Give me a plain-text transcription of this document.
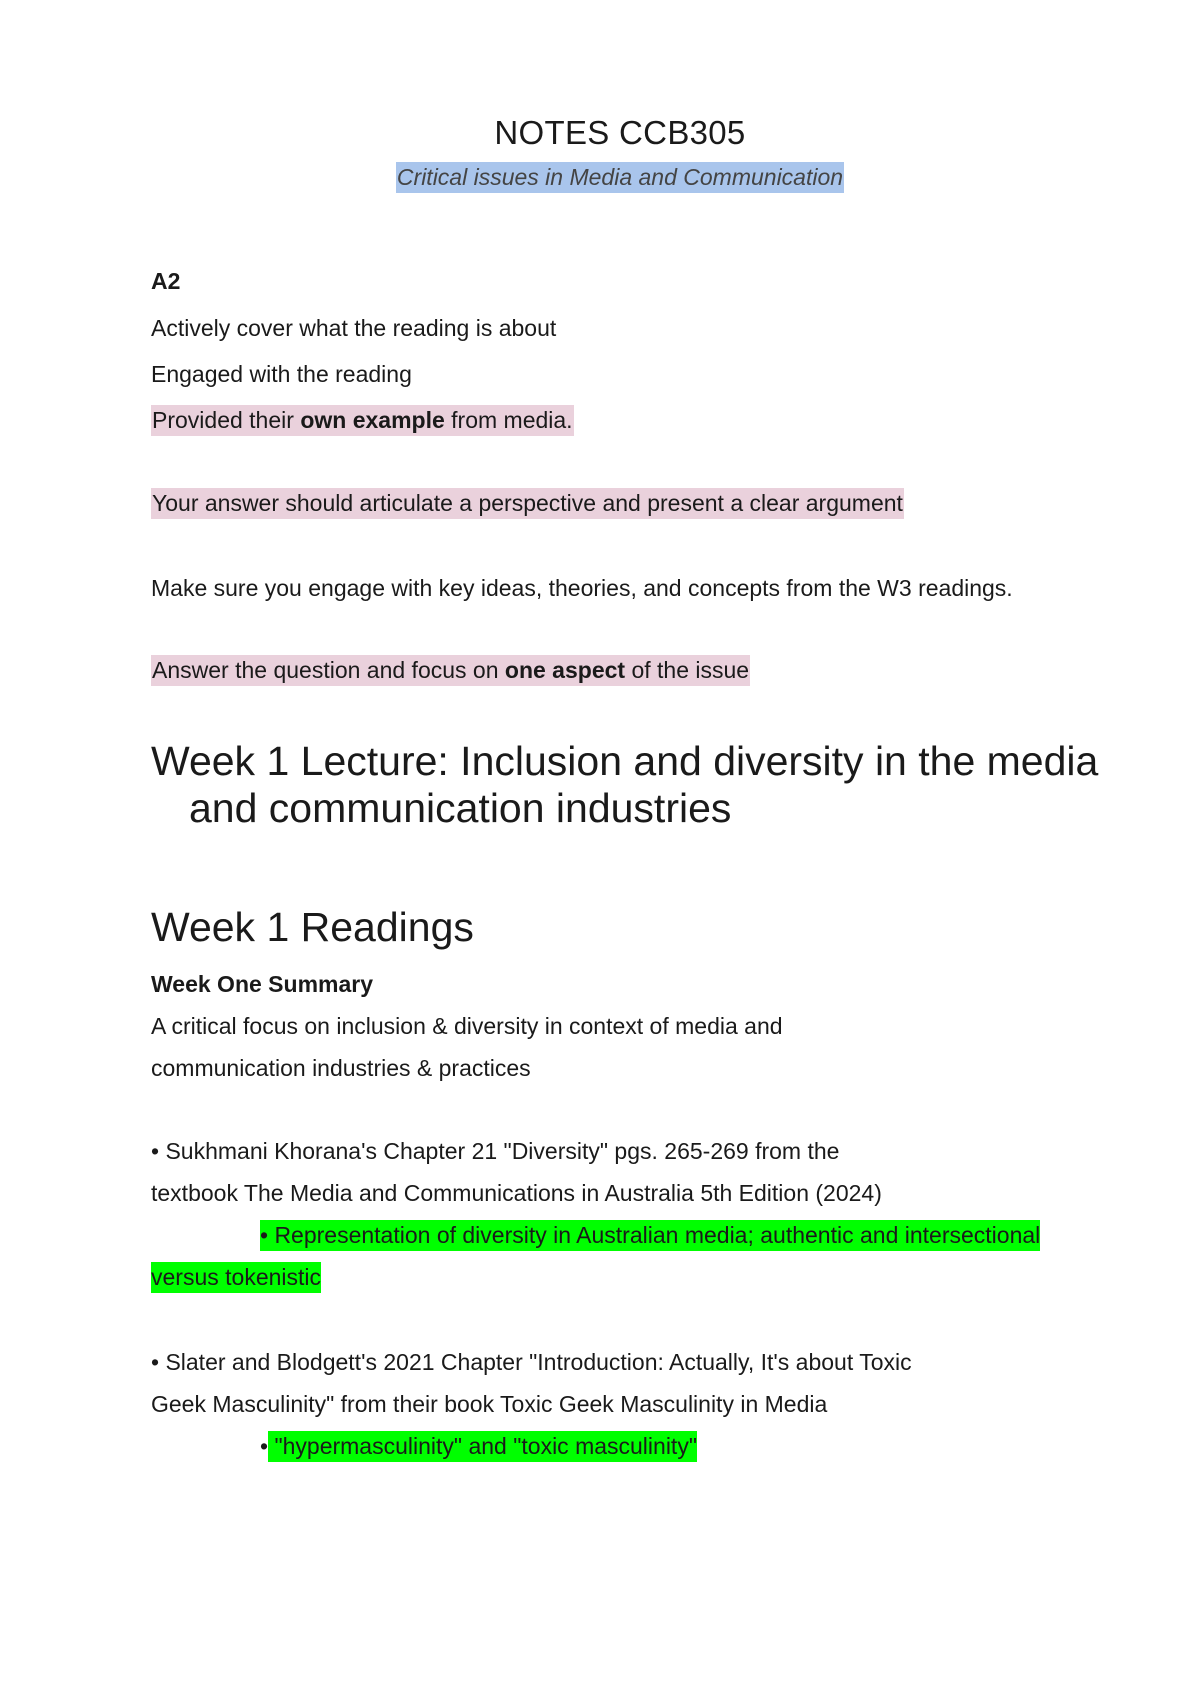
NOTES CCB305
Critical issues in Media and Communication
A2
Actively cover what the reading is about
Engaged with the reading
Provided their own example from media.
Your answer should articulate a perspective and present a clear argument
Make sure you engage with key ideas, theories, and concepts from the W3 readings.
Answer the question and focus on one aspect of the issue
Week 1 Lecture: Inclusion and diversity in the media
and communication industries
Week 1 Readings
Week One Summary
A critical focus on inclusion & diversity in context of media and
communication industries & practices
• Sukhmani Khorana's Chapter 21 "Diversity" pgs. 265-269 from the
textbook The Media and Communications in Australia 5th Edition (2024)
• Representation of diversity in Australian media; authentic and intersectional
versus tokenistic
• Slater and Blodgett's 2021 Chapter "Introduction: Actually, It's about Toxic
Geek Masculinity" from their book Toxic Geek Masculinity in Media
• "hypermasculinity" and "toxic masculinity"
